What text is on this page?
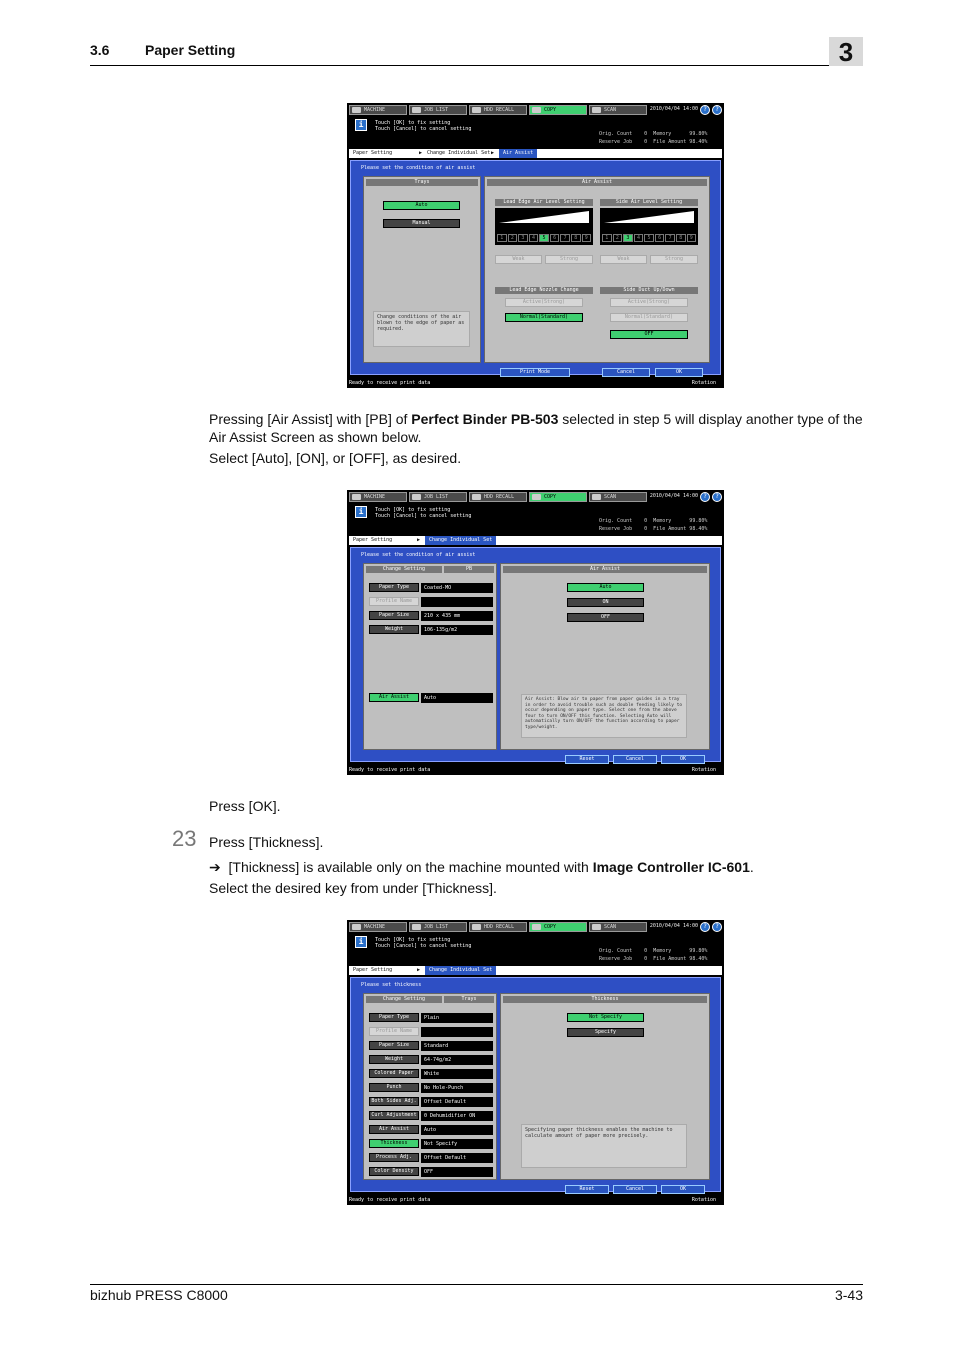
3.6	Paper Setting	3
bizhub PRESS C8000	3-43
MACHINE	JOB LIST	HDD RECALL	COPY	SCAN	2010/04/04 14:00 ?	?
i	Touch [OK] to fix setting
Touch [Cancel] to cancel setting
Orig. Count    0  Memory      99.80%
Reserve Job    0  File Amount 98.40%
Paper Setting	▶ Change Individual Set ▶	Air Assist
Please set the condition of air assist
Trays
Auto
Manual
Change conditions of the air blown to the edge of paper as required.
Air Assist
Lead Edge Air Level Setting	Side Air Level Setting
1	2	3	4	5	6	7	8	9	1	2	3	4	5	6	7	8	9
Weak	Strong	Weak	Strong
Lead Edge Nozzle Change	Side Duct Up/Down
Active(Strong)
Normal(Standard)
Active(Strong)
Normal(Standard)
OFF
Print Mode	Cancel	OK
Ready to receive print data	Rotation
Pressing [Air Assist] with [PB] of Perfect Binder PB-503 selected in step 5 will display another type of the Air Assist Screen as shown below.
Select [Auto], [ON], or [OFF], as desired.
MACHINE	JOB LIST	HDD RECALL	COPY	SCAN	2010/04/04 14:00 ?	?
i	Touch [OK] to fix setting
Touch [Cancel] to cancel setting
Orig. Count    0  Memory      99.80%
Reserve Job    0  File Amount 98.40%
Paper Setting	▶	Change Individual Set
Please set the condition of air assist
Change Setting	PB
Paper Type	Coated-MO
Profile Name
Paper Size	210 x 435 mm
Weight	106-135g/m2
Air Assist	Auto
Air Assist
Auto
ON
OFF
Air Assist: Blow air to paper from paper guides in a tray in order to avoid trouble such as double feeding likely to occur depending on paper type. Select one from the above four to turn ON/OFF this function. Selecting Auto will automatically turn ON/OFF the function according to paper type/weight.
Reset	Cancel	OK
Ready to receive print data	Rotation
Press [OK].
23 Press [Thickness].
➔ [Thickness] is available only on the machine mounted with Image Controller IC-601.
Select the desired key from under [Thickness].
MACHINE	JOB LIST	HDD RECALL	COPY	SCAN	2010/04/04 14:00 ?	?
i	Touch [OK] to fix setting
Touch [Cancel] to cancel setting
Orig. Count    0  Memory      99.80%
Reserve Job    0  File Amount 98.40%
Paper Setting	▶	Change Individual Set
Please set thickness
Change Setting	Trays
Paper Type	Plain
Profile Name
Paper Size	Standard
Weight	64-74g/m2
Colored Paper	White
Punch	No Hole-Punch
Both Sides Adj.	Offset Default
Curl Adjustment	0 Dehumidifier ON
Air Assist	Auto
Thickness	Not Specify
Process Adj.	Offset Default
Color Density	OFF
Thickness
Not Specify
Specify
Specifying paper thickness enables the machine to calculate amount of paper more precisely.
Reset	Cancel	OK
Ready to receive print data	Rotation
